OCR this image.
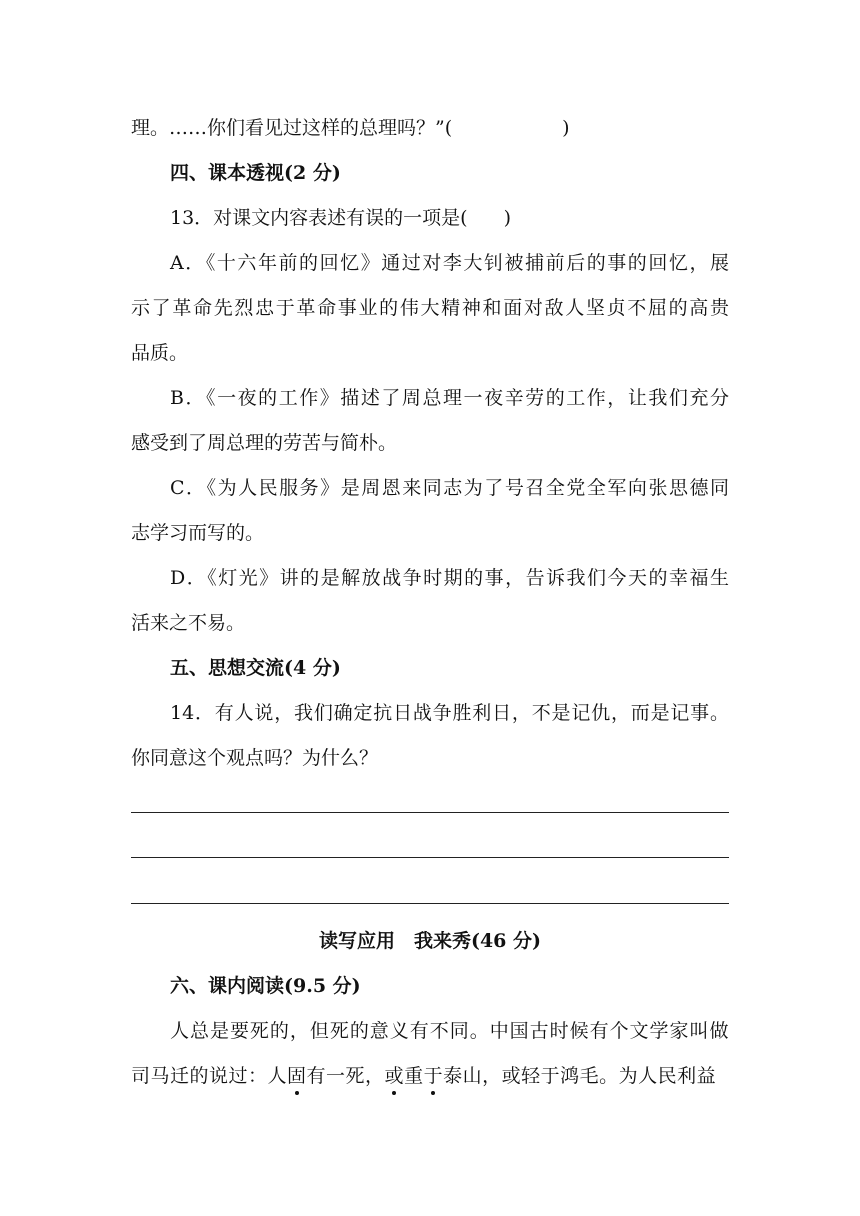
理。……你们看见过这样的总理吗？”(	)
四、课本透视(2 分)
13．对课文内容表述有误的一项是( )
A．《十六年前的回忆》通过对李大钊被捕前后的事的回忆，展
示了革命先烈忠于革命事业的伟大精神和面对敌人坚贞不屈的高贵
品质。
B．《一夜的工作》描述了周总理一夜辛劳的工作，让我们充分
感受到了周总理的劳苦与简朴。
C．《为人民服务》是周恩来同志为了号召全党全军向张思德同
志学习而写的。
D．《灯光》讲的是解放战争时期的事，告诉我们今天的幸福生
活来之不易。
五、思想交流(4 分)
14．有人说，我们确定抗日战争胜利日，不是记仇，而是记事。
你同意这个观点吗？为什么？
读写应用　我来秀(46 分)
六、课内阅读(9.5 分)
人总是要死的，但死的意义有不同。中国古时候有个文学家叫做
司马迁的说过：人固有一死，或重于泰山，或轻于鸿毛。为人民利益
